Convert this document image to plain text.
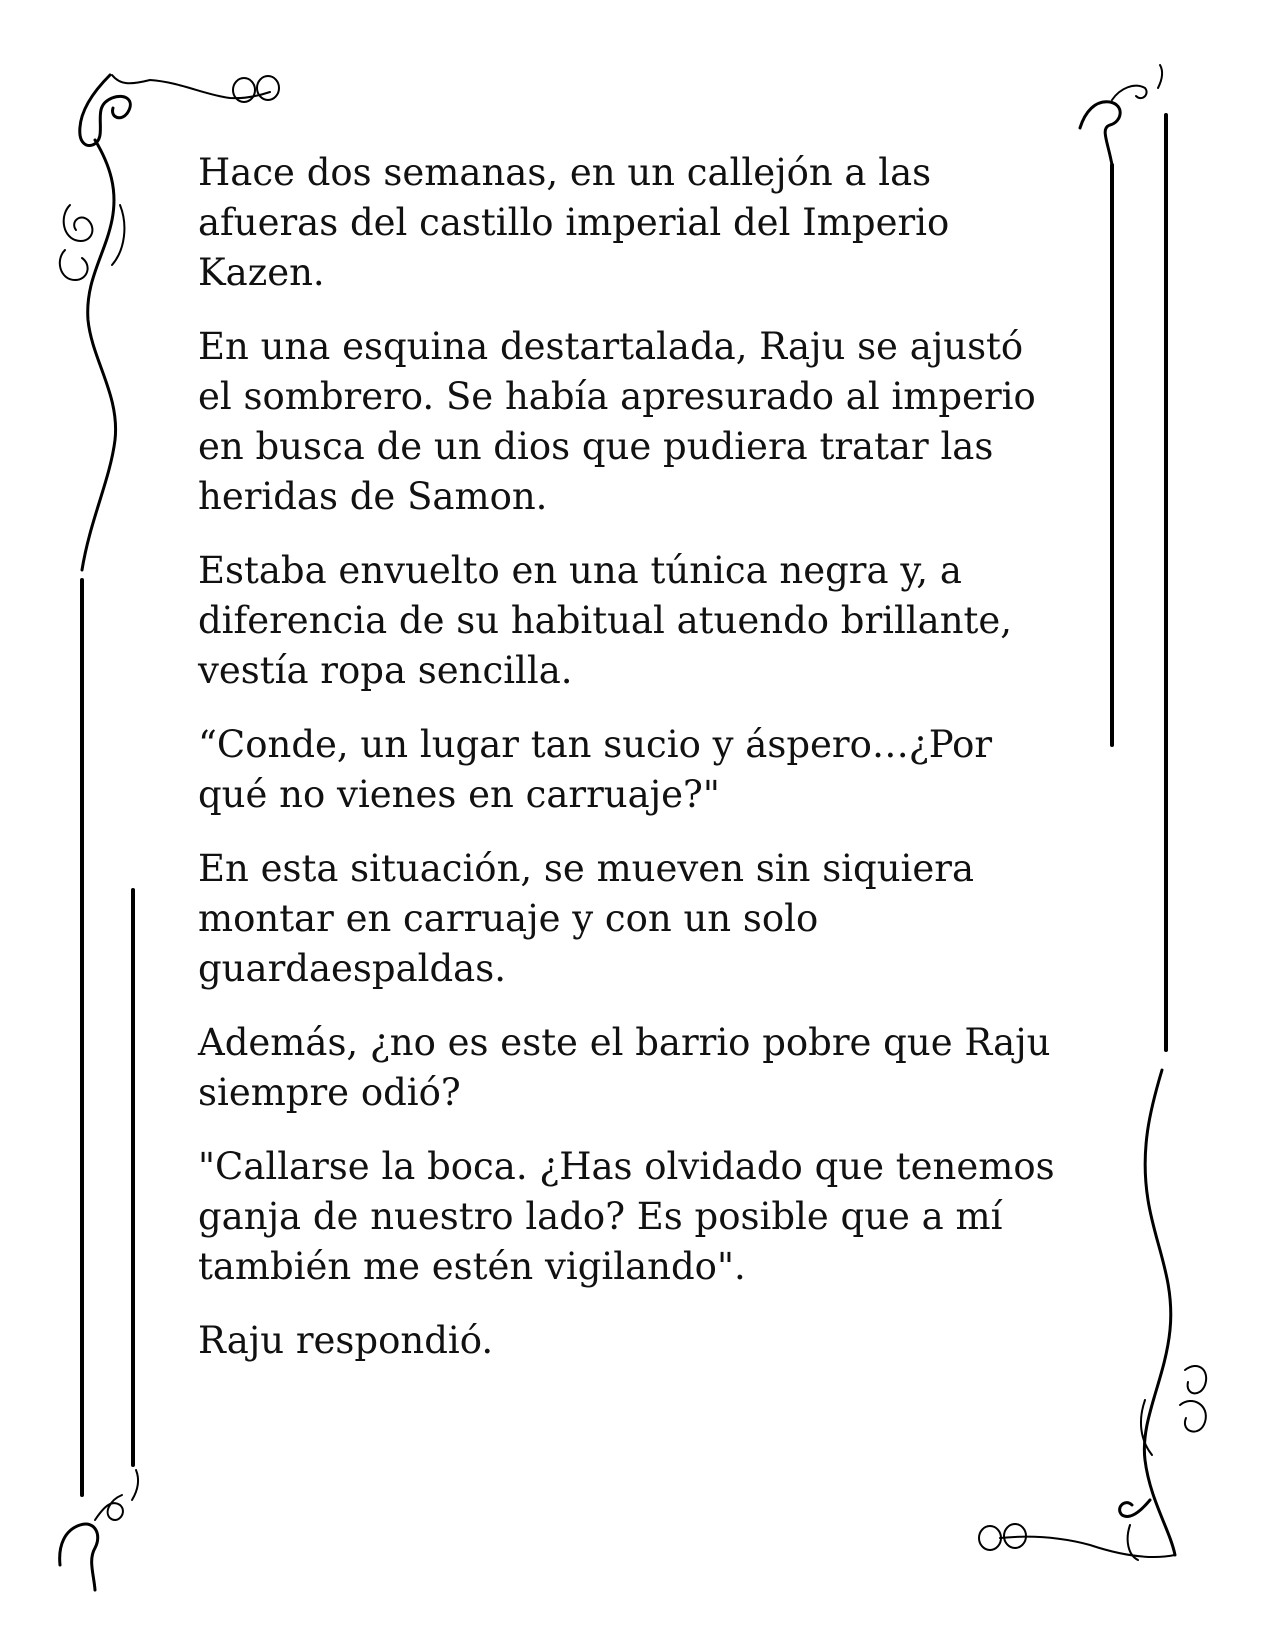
Hace dos semanas, en un callejón a las
afueras del castillo imperial del Imperio
Kazen.

En una esquina destartalada, Raju se ajustó
el sombrero. Se había apresurado al imperio
en busca de un dios que pudiera tratar las
heridas de Samon.

Estaba envuelto en una túnica negra y, a
diferencia de su habitual atuendo brillante,
vestía ropa sencilla.

“Conde, un lugar tan sucio y áspero…¿Por
qué no vienes en carruaje?"

En esta situación, se mueven sin siquiera
montar en carruaje y con un solo
guardaespaldas.

Además, ¿no es este el barrio pobre que Raju
siempre odió?

"Callarse la boca. ¿Has olvidado que tenemos
ganja de nuestro lado? Es posible que a mí
también me estén vigilando".

Raju respondió.
